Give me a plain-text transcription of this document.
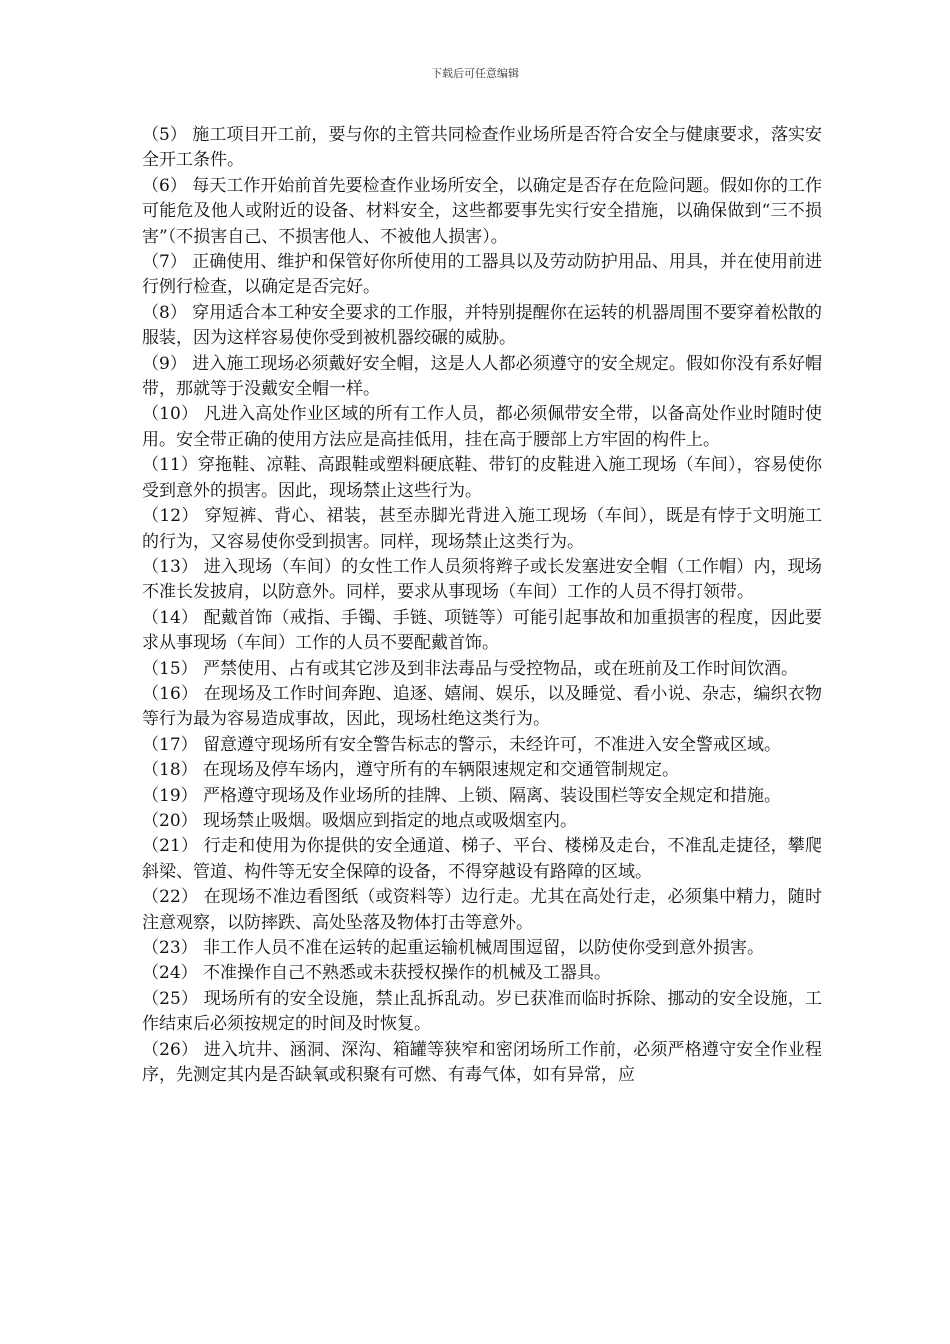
下载后可任意编辑

（5） 施工项目开工前，要与你的主管共同检查作业场所是否符合安全与健康要求，落实安全开工条件。

（6） 每天工作开始前首先要检查作业场所安全，以确定是否存在危险问题。假如你的工作可能危及他人或附近的设备、材料安全，这些都要事先实行安全措施，以确保做到“三不损害”（不损害自己、不损害他人、不被他人损害）。

（7） 正确使用、维护和保管好你所使用的工器具以及劳动防护用品、用具，并在使用前进行例行检查，以确定是否完好。

（8） 穿用适合本工种安全要求的工作服，并特别提醒你在运转的机器周围不要穿着松散的服装，因为这样容易使你受到被机器绞碾的威胁。

（9） 进入施工现场必须戴好安全帽，这是人人都必须遵守的安全规定。假如你没有系好帽带，那就等于没戴安全帽一样。

（10） 凡进入高处作业区域的所有工作人员，都必须佩带安全带，以备高处作业时随时使用。安全带正确的使用方法应是高挂低用，挂在高于腰部上方牢固的构件上。

（11）穿拖鞋、凉鞋、高跟鞋或塑料硬底鞋、带钉的皮鞋进入施工现场（车间），容易使你受到意外的损害。因此，现场禁止这些行为。

（12） 穿短裤、背心、裙装，甚至赤脚光背进入施工现场（车间），既是有悖于文明施工的行为，又容易使你受到损害。同样，现场禁止这类行为。

（13） 进入现场（车间）的女性工作人员须将辫子或长发塞进安全帽（工作帽）内，现场不准长发披肩，以防意外。同样，要求从事现场（车间）工作的人员不得打领带。

（14） 配戴首饰（戒指、手镯、手链、项链等）可能引起事故和加重损害的程度，因此要求从事现场（车间）工作的人员不要配戴首饰。

（15） 严禁使用、占有或其它涉及到非法毒品与受控物品，或在班前及工作时间饮酒。

（16） 在现场及工作时间奔跑、追逐、嬉闹、娱乐，以及睡觉、看小说、杂志，编织衣物等行为最为容易造成事故，因此，现场杜绝这类行为。

（17） 留意遵守现场所有安全警告标志的警示，未经许可，不准进入安全警戒区域。

（18） 在现场及停车场内，遵守所有的车辆限速规定和交通管制规定。

（19） 严格遵守现场及作业场所的挂牌、上锁、隔离、装设围栏等安全规定和措施。

（20） 现场禁止吸烟。吸烟应到指定的地点或吸烟室内。

（21） 行走和使用为你提供的安全通道、梯子、平台、楼梯及走台，不准乱走捷径，攀爬斜梁、管道、构件等无安全保障的设备，不得穿越设有路障的区域。

（22） 在现场不准边看图纸（或资料等）边行走。尤其在高处行走，必须集中精力，随时注意观察，以防摔跌、高处坠落及物体打击等意外。

（23） 非工作人员不准在运转的起重运输机械周围逗留，以防使你受到意外损害。

（24） 不准操作自己不熟悉或未获授权操作的机械及工器具。

（25） 现场所有的安全设施，禁止乱拆乱动。岁已获准而临时拆除、挪动的安全设施，工作结束后必须按规定的时间及时恢复。

（26） 进入坑井、涵洞、深沟、箱罐等狭窄和密闭场所工作前，必须严格遵守安全作业程序，先测定其内是否缺氧或积聚有可燃、有毒气体，如有异常，应
